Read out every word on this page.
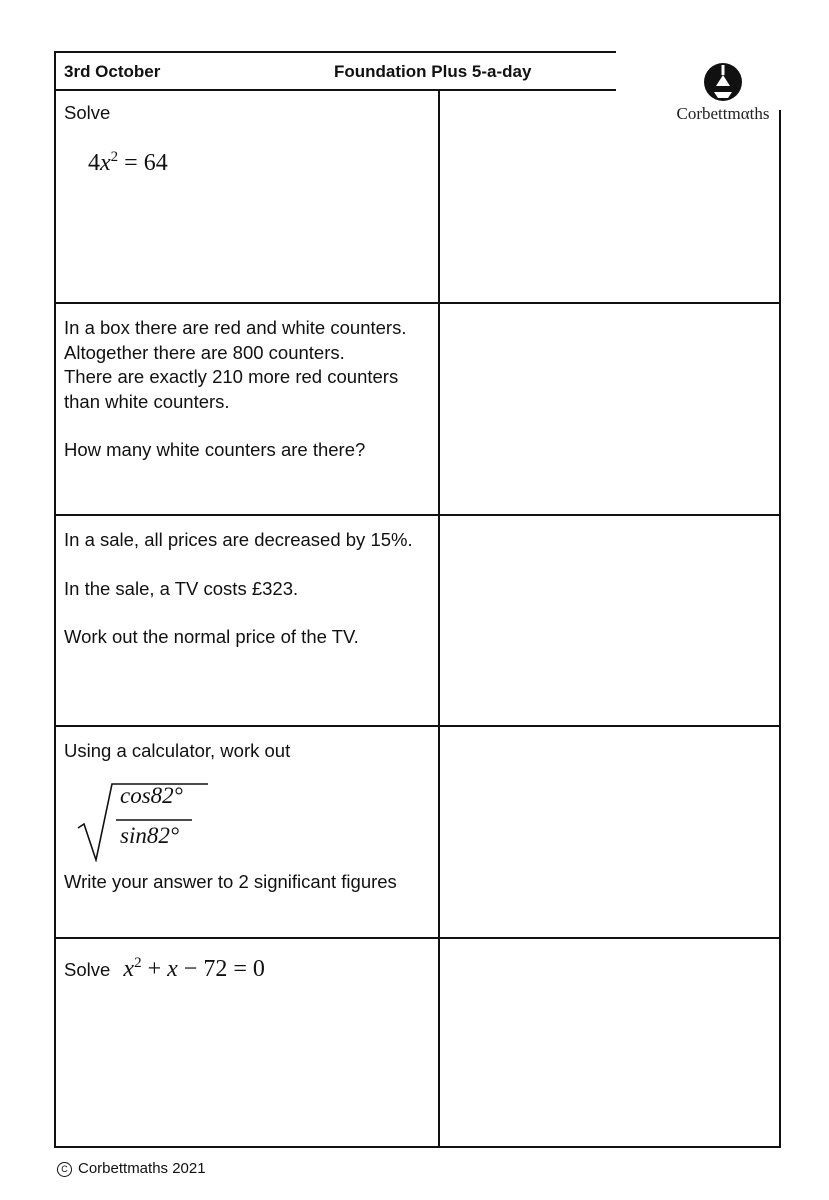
3rd October	Foundation Plus 5-a-day

Solve

$4x^2 = 64$

In a box there are red and white counters. Altogether there are 800 counters.

There are exactly 210 more red counters than white counters.

How many white counters are there?

In a sale, all prices are decreased by 15%.

In the sale, a TV costs £323.

Work out the normal price of the TV.

Using a calculator, work out

cos82°
sin82°

Write your answer to 2 significant figures

Solve $x^2 + x - 72 = 0$
Corbettmαths
C Corbettmaths 2021
